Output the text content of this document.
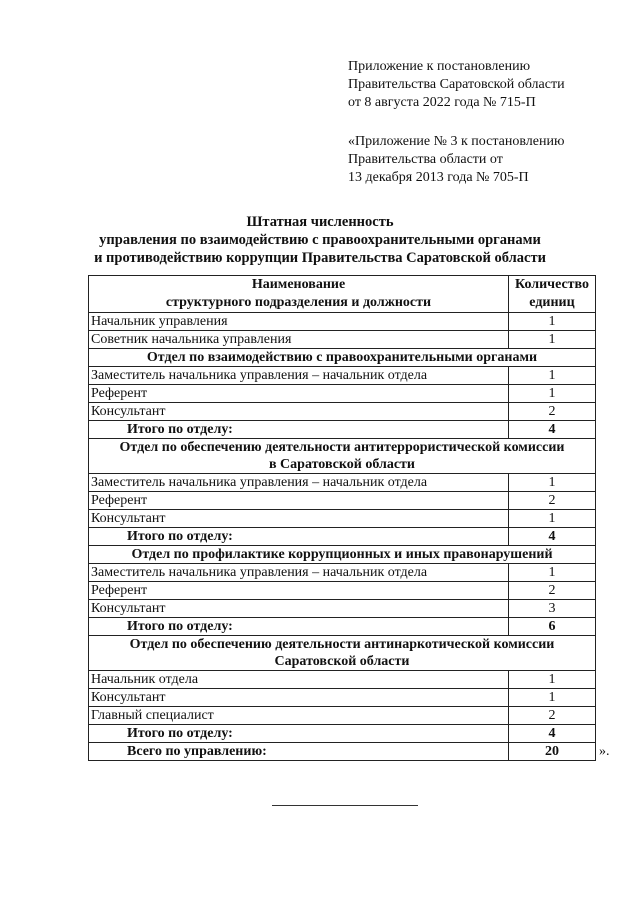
Приложение к постановлению
Правительства Саратовской области
от 8 августа 2022 года № 715-П
«Приложение № 3 к постановлению
Правительства области от
13 декабря 2013 года № 705-П
Штатная численность
управления по взаимодействию с правоохранительными органами
и противодействию коррупции Правительства Саратовской области
Наименование
структурного подразделения и должности	Количество
единиц
Начальник управления	1
Советник начальника управления	1
Отдел по взаимодействию с правоохранительными органами	
Заместитель начальника управления – начальник отдела	1
Референт	1
Консультант	2
Итого по отделу:	4
Отдел по обеспечению деятельности антитеррористической комиссии
в Саратовской области	
Заместитель начальника управления – начальник отдела	1
Референт	2
Консультант	1
Итого по отделу:	4
Отдел по профилактике коррупционных и иных правонарушений	
Заместитель начальника управления – начальник отдела	1
Референт	2
Консультант	3
Итого по отделу:	6
Отдел по обеспечению деятельности антинаркотической комиссии
Саратовской области	
Начальник отдела	1
Консультант	1
Главный специалист	2
Итого по отделу:	4
Всего по управлению:	20	».
